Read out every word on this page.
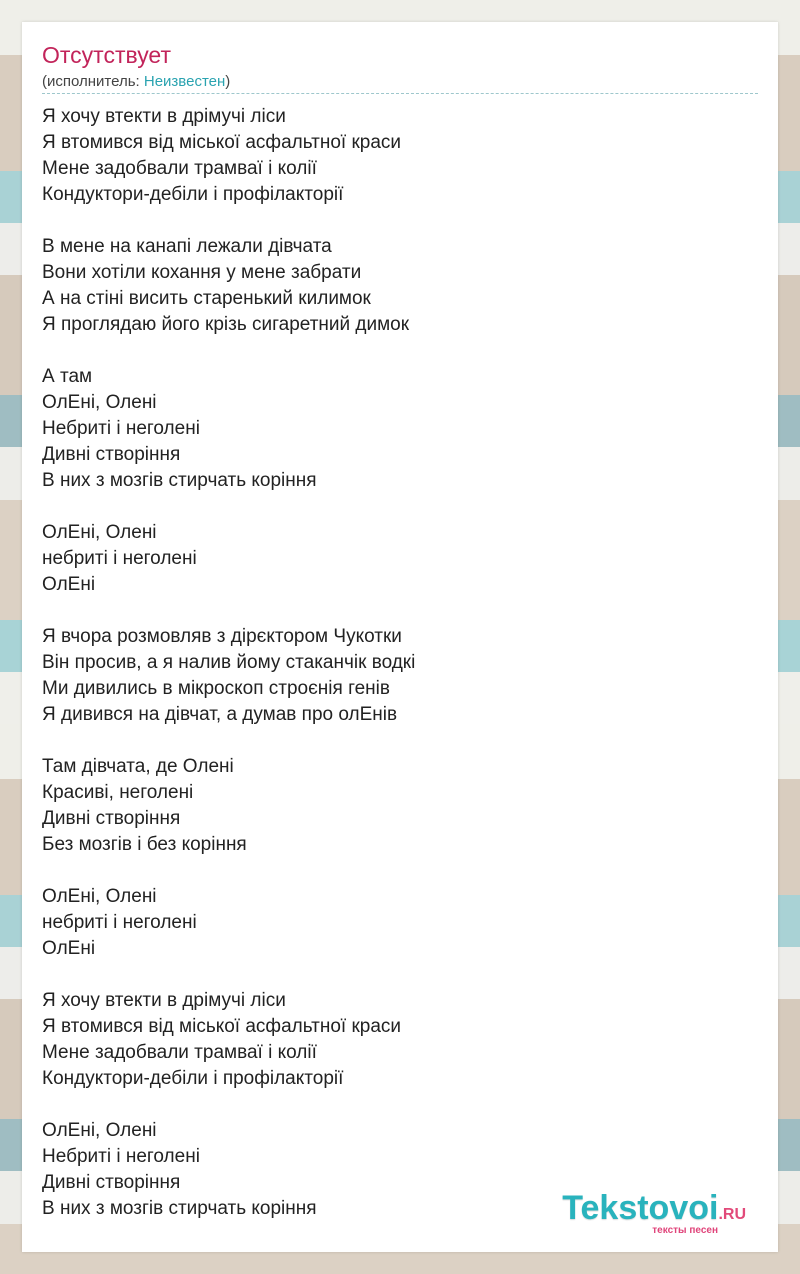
Отсутствует
(исполнитель: Неизвестен)
Я хочу втекти в дрімучі ліси
Я втомився від міської асфальтної краси
Мене задобвали трамваї і колії
Кондуктори-дебіли і профілакторії

В мене на канапі лежали дівчата
Вони хотіли кохання у мене забрати
А на стіні висить старенький килимок
Я проглядаю його крізь сигаретний димок

А там
ОлЕні, Олені
Небриті і неголені
Дивні створіння
В них з мозгів стирчать коріння

ОлЕні, Олені
небриті і неголені
ОлЕні

Я вчора розмовляв з дірєктором Чукотки
Він просив, а я налив йому стаканчік водкі
Ми дивились в мікроскоп строєнія генів
Я дивився на дівчат, а думав про олЕнів

Там дівчата, де Олені
Красиві, неголені
Дивні створіння
Без мозгів і без коріння

ОлЕні, Олені
небриті і неголені
ОлЕні

Я хочу втекти в дрімучі ліси
Я втомився від міської асфальтної краси
Мене задобвали трамваї і колії
Кондуктори-дебіли і профілакторії

ОлЕні, Олені
Небриті і неголені
Дивні створіння
В них з мозгів стирчать коріння	Tekstovoi.RU
тексты песен
